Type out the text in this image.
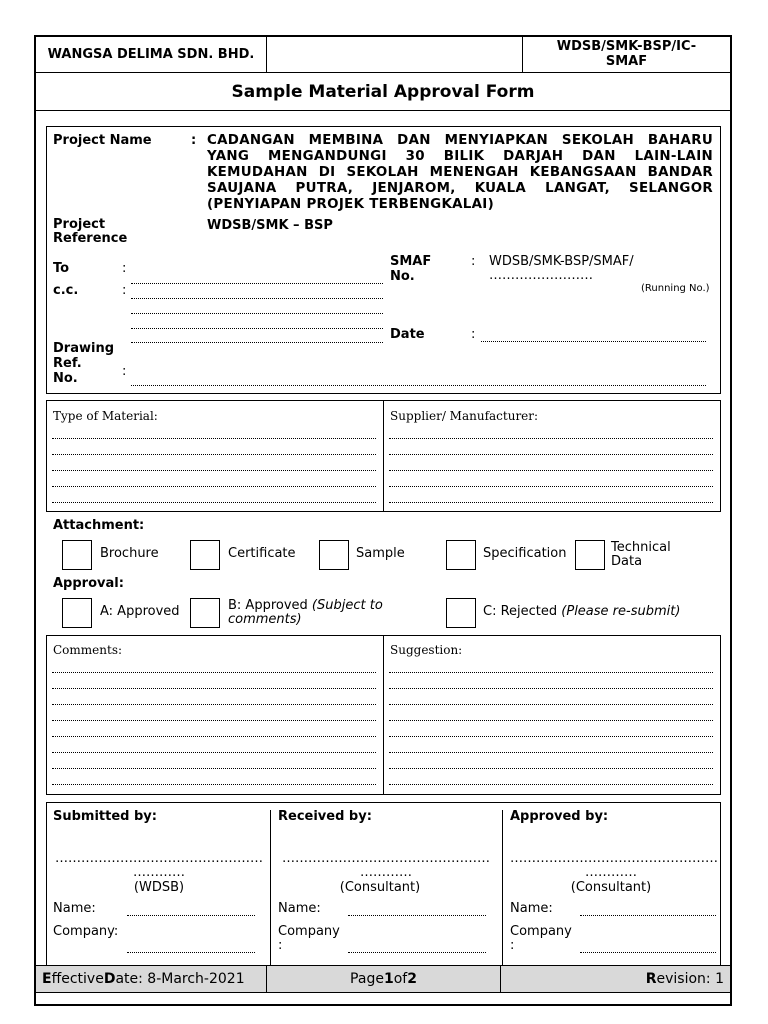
WANGSA DELIMA SDN. BHD.	WDSB/SMK-BSP/IC-SMAF
Sample Material Approval Form
Project Name	: CADANGAN MEMBINA DAN MENYIAPKAN SEKOLAH BAHARU YANG MENGANDUNGI 30 BILIK DARJAH DAN LAIN-LAIN KEMUDAHAN DI SEKOLAH MENENGAH KEBANGSAAN BANDAR SAUJANA PUTRA, JENJAROM, KUALA LANGAT, SELANGOR (PENYIAPAN PROJEK TERBENGKALAI)
Project Reference
WDSB/SMK – BSP
To	:
c.c.	:
Drawing Ref. No.	:
SMAF No.
: WDSB/SMK-BSP/SMAF/
……………………
(Running No.)
Date	:
Type of Material:	Supplier/ Manufacturer:
Attachment:
Brochure	Certificate	Sample	Specification	Technical Data
Approval:
A: Approved	B: Approved (Subject to comments)
C: Rejected (Please re-submit)
Comments:	Suggestion:
Submitted by:
…………………………………………
…………
(WDSB)
Name:
Company:
Received by:
…………………………………………
…………
(Consultant)
Name:
Company
:
Approved by:
…………………………………………
…………
(Consultant)
Name:
Company
:
E ffective D ate: 8-March-2021	Page 1 of 2	R evision: 1
